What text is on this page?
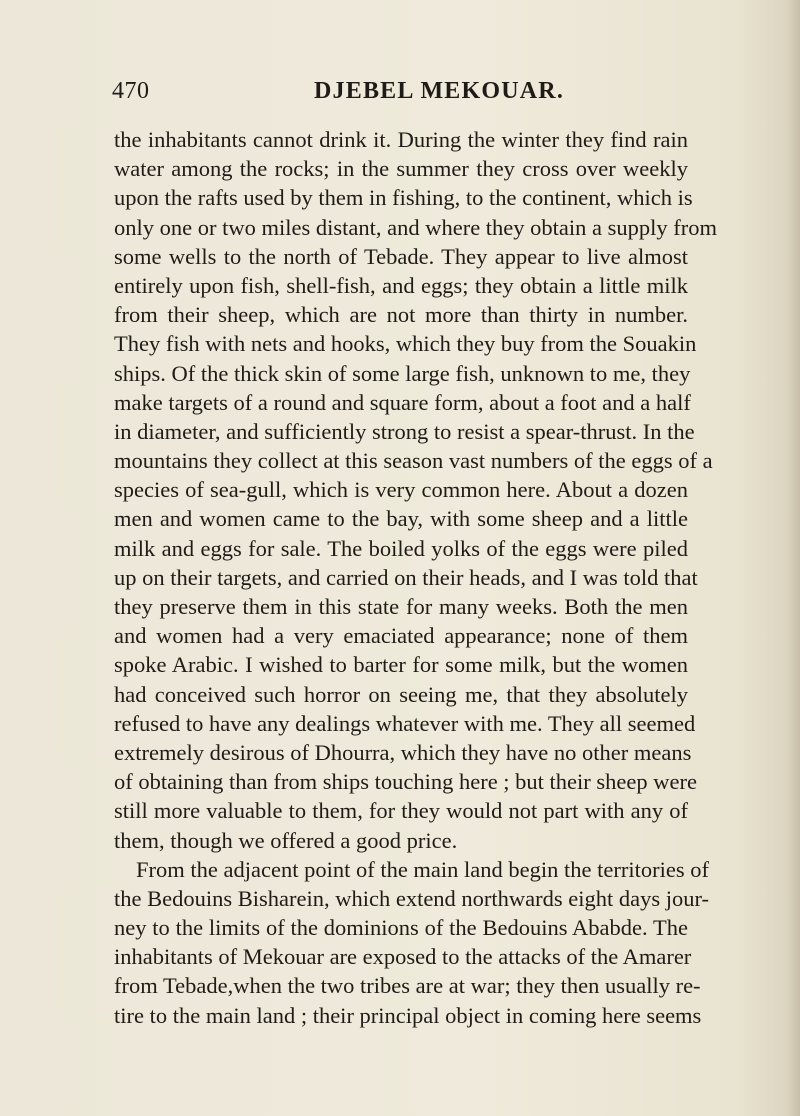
470	DJEBEL MEKOUAR.
the inhabitants cannot drink it. During the winter they find rain
water among the rocks; in the summer they cross over weekly
upon the rafts used by them in fishing, to the continent, which is
only one or two miles distant, and where they obtain a supply from
some wells to the north of Tebade. They appear to live almost
entirely upon fish, shell-fish, and eggs; they obtain a little milk
from their sheep, which are not more than thirty in number.
They fish with nets and hooks, which they buy from the Souakin
ships. Of the thick skin of some large fish, unknown to me, they
make targets of a round and square form, about a foot and a half
in diameter, and sufficiently strong to resist a spear-thrust. In the
mountains they collect at this season vast numbers of the eggs of a
species of sea-gull, which is very common here. About a dozen
men and women came to the bay, with some sheep and a little
milk and eggs for sale. The boiled yolks of the eggs were piled
up on their targets, and carried on their heads, and I was told that
they preserve them in this state for many weeks. Both the men
and women had a very emaciated appearance; none of them
spoke Arabic. I wished to barter for some milk, but the women
had conceived such horror on seeing me, that they absolutely
refused to have any dealings whatever with me. They all seemed
extremely desirous of Dhourra, which they have no other means
of obtaining than from ships touching here ; but their sheep were
still more valuable to them, for they would not part with any of
them, though we offered a good price.
From the adjacent point of the main land begin the territories of
the Bedouins Bisharein, which extend northwards eight days jour-
ney to the limits of the dominions of the Bedouins Ababde. The
inhabitants of Mekouar are exposed to the attacks of the Amarer
from Tebade,when the two tribes are at war; they then usually re-
tire to the main land ; their principal object in coming here seems
